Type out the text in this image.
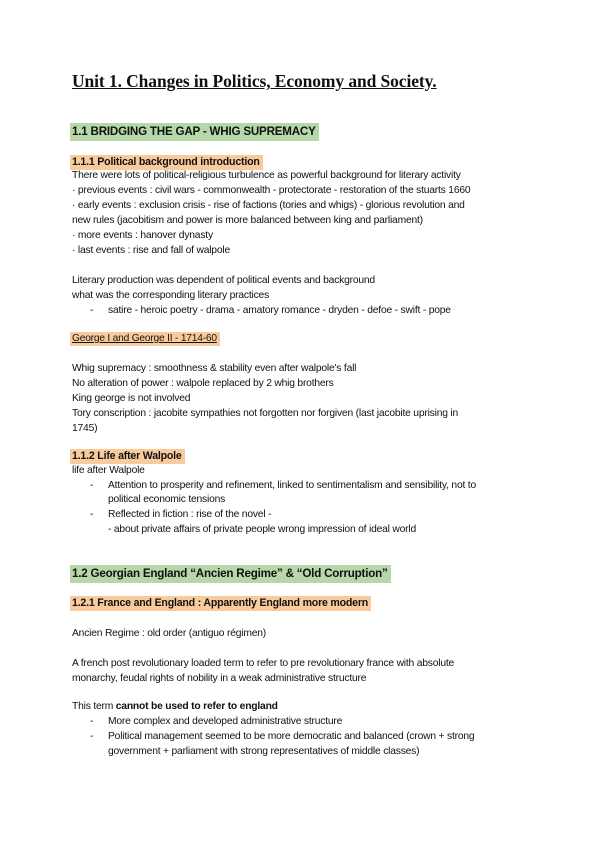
Unit 1. Changes in Politics, Economy and Society.
1.1 BRIDGING THE GAP - WHIG SUPREMACY
1.1.1 Political background introduction
There were lots of political-religious turbulence as powerful background for literary activity
· previous events : civil wars - commonwealth - protectorate - restoration of the stuarts 1660
· early events : exclusion crisis - rise of factions (tories and whigs) - glorious revolution and
new rules (jacobitism and power is more balanced between king and parliament)
· more events : hanover dynasty
· last events : rise and fall of walpole
Literary production was dependent of political events and background
what was the corresponding literary practices
- satire - heroic poetry - drama - amatory romance - dryden - defoe - swift - pope
George I and George II - 1714-60
Whig supremacy : smoothness & stability even after walpole's fall
No alteration of power : walpole replaced by 2 whig brothers
King george is not involved
Tory conscription : jacobite sympathies not forgotten nor forgiven (last jacobite uprising in
1745)
1.1.2 Life after Walpole
life after Walpole
- Attention to prosperity and refinement, linked to sentimentalism and sensibility, not to
political economic tensions
- Reflected in fiction : rise of the novel -
- about private affairs of private people wrong impression of ideal world
1.2 Georgian England “Ancien Regime” & “Old Corruption”
1.2.1 France and England : Apparently England more modern
Ancien Regime : old order (antiguo régimen)
A french post revolutionary loaded term to refer to pre revolutionary france with absolute
monarchy, feudal rights of nobility in a weak administrative structure
This term cannot be used to refer to england
- More complex and developed administrative structure
- Political management seemed to be more democratic and balanced (crown + strong
government + parliament with strong representatives of middle classes)
